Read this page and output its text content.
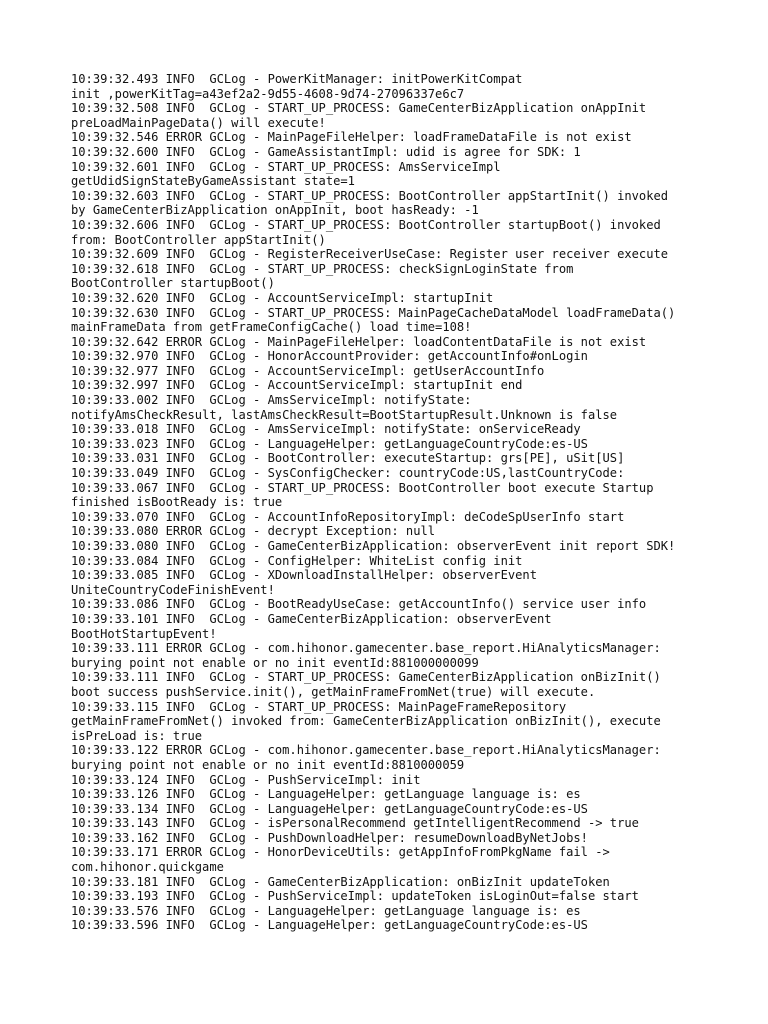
10:39:32.493 INFO  GCLog - PowerKitManager: initPowerKitCompat
init ,powerKitTag=a43ef2a2-9d55-4608-9d74-27096337e6c7
10:39:32.508 INFO  GCLog - START_UP_PROCESS: GameCenterBizApplication onAppInit
preLoadMainPageData() will execute!
10:39:32.546 ERROR GCLog - MainPageFileHelper: loadFrameDataFile is not exist
10:39:32.600 INFO  GCLog - GameAssistantImpl: udid is agree for SDK: 1
10:39:32.601 INFO  GCLog - START_UP_PROCESS: AmsServiceImpl
getUdidSignStateByGameAssistant state=1
10:39:32.603 INFO  GCLog - START_UP_PROCESS: BootController appStartInit() invoked
by GameCenterBizApplication onAppInit, boot hasReady: -1
10:39:32.606 INFO  GCLog - START_UP_PROCESS: BootController startupBoot() invoked
from: BootController appStartInit()
10:39:32.609 INFO  GCLog - RegisterReceiverUseCase: Register user receiver execute
10:39:32.618 INFO  GCLog - START_UP_PROCESS: checkSignLoginState from
BootController startupBoot()
10:39:32.620 INFO  GCLog - AccountServiceImpl: startupInit
10:39:32.630 INFO  GCLog - START_UP_PROCESS: MainPageCacheDataModel loadFrameData()
mainFrameData from getFrameConfigCache() load time=108!
10:39:32.642 ERROR GCLog - MainPageFileHelper: loadContentDataFile is not exist
10:39:32.970 INFO  GCLog - HonorAccountProvider: getAccountInfo#onLogin
10:39:32.977 INFO  GCLog - AccountServiceImpl: getUserAccountInfo
10:39:32.997 INFO  GCLog - AccountServiceImpl: startupInit end
10:39:33.002 INFO  GCLog - AmsServiceImpl: notifyState:
notifyAmsCheckResult, lastAmsCheckResult=BootStartupResult.Unknown is false
10:39:33.018 INFO  GCLog - AmsServiceImpl: notifyState: onServiceReady
10:39:33.023 INFO  GCLog - LanguageHelper: getLanguageCountryCode:es-US
10:39:33.031 INFO  GCLog - BootController: executeStartup: grs[PE], uSit[US]
10:39:33.049 INFO  GCLog - SysConfigChecker: countryCode:US,lastCountryCode:
10:39:33.067 INFO  GCLog - START_UP_PROCESS: BootController boot execute Startup
finished isBootReady is: true
10:39:33.070 INFO  GCLog - AccountInfoRepositoryImpl: deCodeSpUserInfo start
10:39:33.080 ERROR GCLog - decrypt Exception: null
10:39:33.080 INFO  GCLog - GameCenterBizApplication: observerEvent init report SDK!
10:39:33.084 INFO  GCLog - ConfigHelper: WhiteList config init
10:39:33.085 INFO  GCLog - XDownloadInstallHelper: observerEvent
UniteCountryCodeFinishEvent!
10:39:33.086 INFO  GCLog - BootReadyUseCase: getAccountInfo() service user info
10:39:33.101 INFO  GCLog - GameCenterBizApplication: observerEvent
BootHotStartupEvent!
10:39:33.111 ERROR GCLog - com.hihonor.gamecenter.base_report.HiAnalyticsManager:
burying point not enable or no init eventId:881000000099
10:39:33.111 INFO  GCLog - START_UP_PROCESS: GameCenterBizApplication onBizInit()
boot success pushService.init(), getMainFrameFromNet(true) will execute.
10:39:33.115 INFO  GCLog - START_UP_PROCESS: MainPageFrameRepository
getMainFrameFromNet() invoked from: GameCenterBizApplication onBizInit(), execute
isPreLoad is: true
10:39:33.122 ERROR GCLog - com.hihonor.gamecenter.base_report.HiAnalyticsManager:
burying point not enable or no init eventId:8810000059
10:39:33.124 INFO  GCLog - PushServiceImpl: init
10:39:33.126 INFO  GCLog - LanguageHelper: getLanguage language is: es
10:39:33.134 INFO  GCLog - LanguageHelper: getLanguageCountryCode:es-US
10:39:33.143 INFO  GCLog - isPersonalRecommend getIntelligentRecommend -> true
10:39:33.162 INFO  GCLog - PushDownloadHelper: resumeDownloadByNetJobs!
10:39:33.171 ERROR GCLog - HonorDeviceUtils: getAppInfoFromPkgName fail ->
com.hihonor.quickgame
10:39:33.181 INFO  GCLog - GameCenterBizApplication: onBizInit updateToken
10:39:33.193 INFO  GCLog - PushServiceImpl: updateToken isLoginOut=false start
10:39:33.576 INFO  GCLog - LanguageHelper: getLanguage language is: es
10:39:33.596 INFO  GCLog - LanguageHelper: getLanguageCountryCode:es-US
